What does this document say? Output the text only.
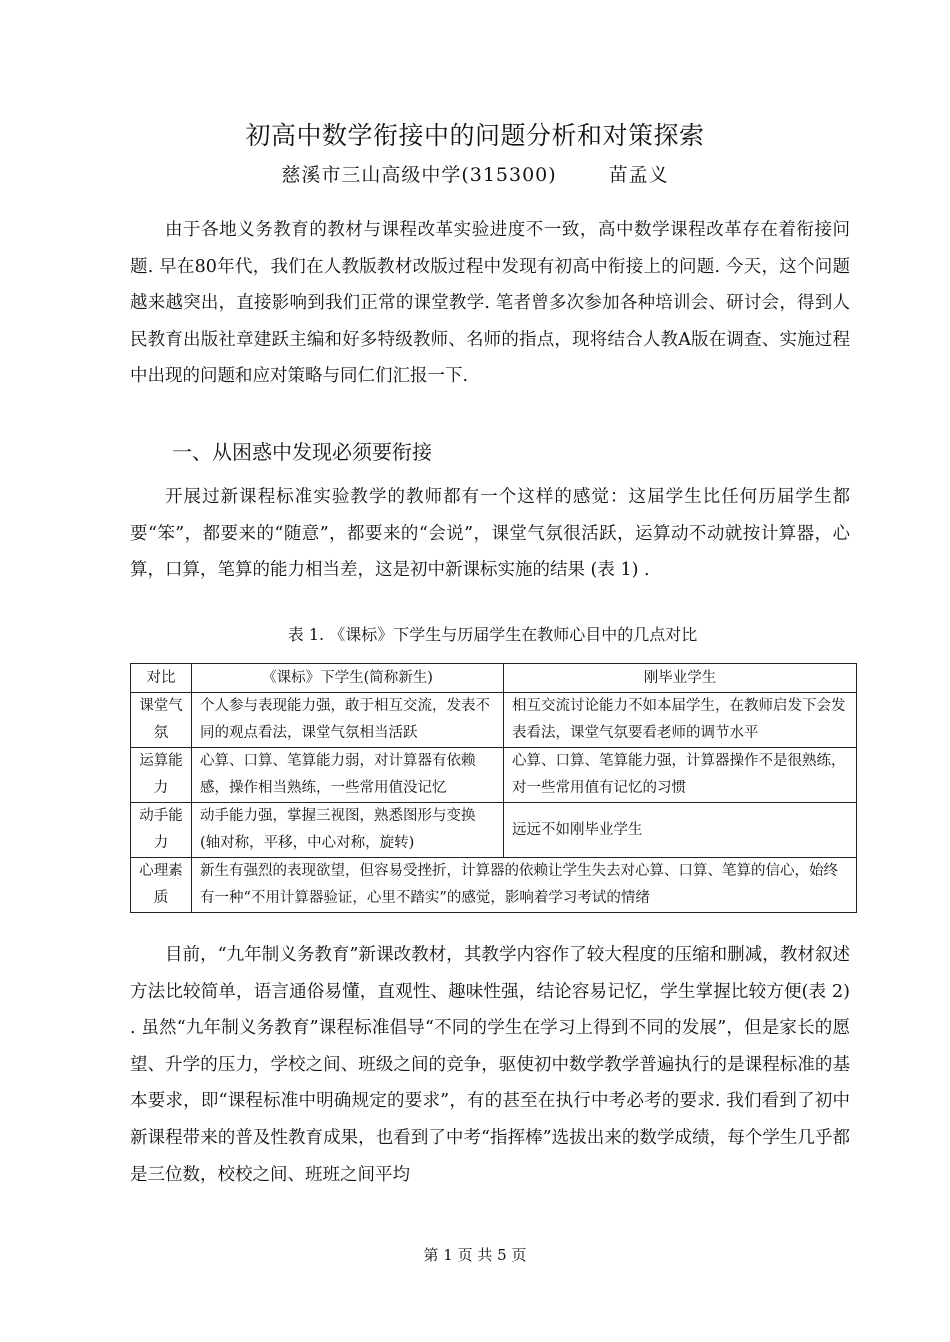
初高中数学衔接中的问题分析和对策探索
慈溪市三山高级中学(315300)	苗孟义

由于各地义务教育的教材与课程改革实验进度不一致，高中数学课程改革存在着衔接问题. 早在80年代，我们在人教版教材改版过程中发现有初高中衔接上的问题. 今天，这个问题越来越突出，直接影响到我们正常的课堂教学. 笔者曾多次参加各种培训会、研讨会，得到人民教育出版社章建跃主编和好多特级教师、名师的指点，现将结合人教A版在调查、实施过程中出现的问题和应对策略与同仁们汇报一下.

一、从困惑中发现必须要衔接

开展过新课程标准实验教学的教师都有一个这样的感觉：这届学生比任何历届学生都要“笨”，都要来的“随意”，都要来的“会说”，课堂气氛很活跃，运算动不动就按计算器，心算，口算，笔算的能力相当差，这是初中新课标实施的结果 (表 1) .

表 1. 《课标》下学生与历届学生在教师心目中的几点对比
对比	《课标》下学生(简称新生)	刚毕业学生
课堂气氛	个人参与表现能力强，敢于相互交流，发表不同的观点看法，课堂气氛相当活跃	相互交流讨论能力不如本届学生，在教师启发下会发表看法，课堂气氛要看老师的调节水平
运算能力	心算、口算、笔算能力弱，对计算器有依赖感，操作相当熟练，一些常用值没记忆	心算、口算、笔算能力强，计算器操作不是很熟练，对一些常用值有记忆的习惯
动手能力	动手能力强，掌握三视图，熟悉图形与变换(轴对称，平移，中心对称，旋转)	远远不如刚毕业学生
心理素质	新生有强烈的表现欲望，但容易受挫折，计算器的依赖让学生失去对心算、口算、笔算的信心，始终有一种“不用计算器验证，心里不踏实”的感觉，影响着学习考试的情绪	

目前，“九年制义务教育”新课改教材，其教学内容作了较大程度的压缩和删减，教材叙述方法比较简单，语言通俗易懂，直观性、趣味性强，结论容易记忆，学生掌握比较方便(表 2) . 虽然“九年制义务教育”课程标准倡导“不同的学生在学习上得到不同的发展”，但是家长的愿望、升学的压力，学校之间、班级之间的竞争，驱使初中数学教学普遍执行的是课程标准的基本要求，即“课程标准中明确规定的要求”，有的甚至在执行中考必考的要求. 我们看到了初中新课程带来的普及性教育成果，也看到了中考“指挥棒”选拔出来的数学成绩，每个学生几乎都是三位数，校校之间、班班之间平均

第 1 页 共 5 页
